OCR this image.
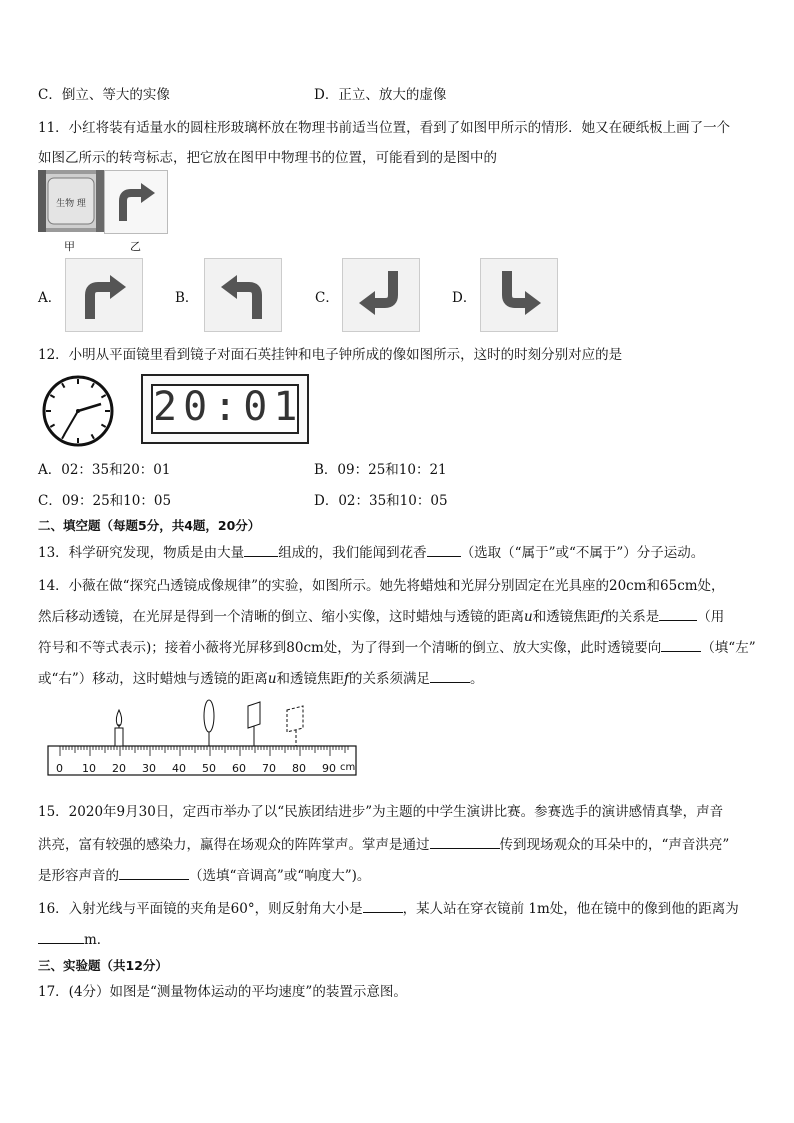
C．倒立、等大的实像	D．正立、放大的虚像
11．小红将装有适量水的圆柱形玻璃杯放在物理书前适当位置，看到了如图甲所示的情形．她又在硬纸板上画了一个
如图乙所示的转弯标志，把它放在图甲中物理书的位置，可能看到的是图中的
生物 理
甲	乙
A．	B．	C．	D．
12．小明从平面镜里看到镜子对面石英挂钟和电子钟所成的像如图所示，这时的时刻分别对应的是
20:01
A．02：35和20：01	B．09：25和10：21
C．09：25和10：05	D．02：35和10：05
二、填空题（每题5分，共4题，20分）
13．科学研究发现，物质是由大量	组成的，我们能闻到花香	（选取（“属于”或“不属于”）分子运动。
14．小薇在做“探究凸透镜成像规律”的实验，如图所示。她先将蜡烛和光屏分别固定在光具座的20cm和65cm处，
然后移动透镜，在光屏是得到一个清晰的倒立、缩小实像，这时蜡烛与透镜的距离u和透镜焦距f的关系是	（用
符号和不等式表示)；接着小薇将光屏移到80cm处，为了得到一个清晰的倒立、放大实像，此时透镜要向	（填“左”
或“右”）移动，这时蜡烛与透镜的距离u和透镜焦距f的关系须满足	。
0 10 20 30 40 50 60 70 80 90 cm
15．2020年9月30日，定西市举办了以“民族团结进步”为主题的中学生演讲比赛。参赛选手的演讲感情真挚，声音
洪亮，富有较强的感染力，赢得在场观众的阵阵掌声。掌声是通过	传到现场观众的耳朵中的，“声音洪亮”
是形容声音的	（选填“音调高”或“响度大”)。
16．入射光线与平面镜的夹角是60°，则反射角大小是	，某人站在穿衣镜前 1m处，他在镜中的像到他的距离为
m．
三、实验题（共12分）
17．(4分）如图是“测量物体运动的平均速度”的装置示意图。
